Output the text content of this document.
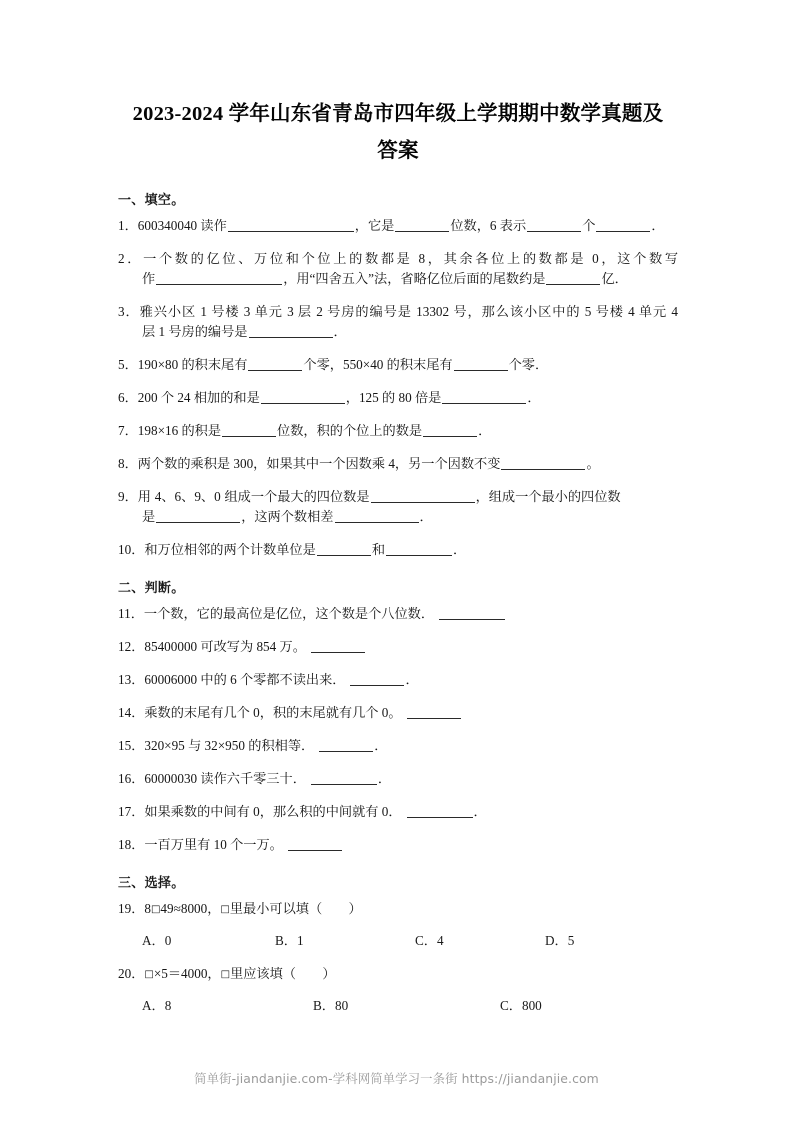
2023-2024 学年山东省青岛市四年级上学期期中数学真题及
答案
一、填空。
1．600340040 读作	，它是	位数，6 表示	个	．
2．一个数的亿位、万位和个位上的数都是 8，其余各位上的数都是 0，这个数写
作	，用“四舍五入”法，省略亿位后面的尾数约是	亿．
3．雅兴小区 1 号楼 3 单元 3 层 2 号房的编号是 13302 号，那么该小区中的 5 号楼 4 单元 4
层 1 号房的编号是	．
5．190×80 的积末尾有	个零，550×40 的积末尾有	个零．
6．200 个 24 相加的和是	，125 的 80 倍是	．
7．198×16 的积是	位数，积的个位上的数是	．
8．两个数的乘积是 300，如果其中一个因数乘 4，另一个因数不变	。
9．用 4、6、9、0 组成一个最大的四位数是	，组成一个最小的四位数
是	，这两个数相差	．
10．和万位相邻的两个计数单位是	和	．
二、判断。
11．一个数，它的最高位是亿位，这个数是个八位数．
12．85400000 可改写为 854 万。
13．60006000 中的 6 个零都不读出来．	．
14．乘数的末尾有几个 0，积的末尾就有几个 0。
15．320×95 与 32×950 的积相等．	．
16．60000030 读作六千零三十．	．
17．如果乘数的中间有 0，那么积的中间就有 0．	．
18．一百万里有 10 个一万。
三、选择。
19．8□49≈8000，□里最小可以填（　　）
A．0	B．1	C．4	D．5
20．□×5＝4000，□里应该填（　　）
A．8	B．80	C．800
简单街-jiandanjie.com-学科网简单学习一条街 https://jiandanjie.com
